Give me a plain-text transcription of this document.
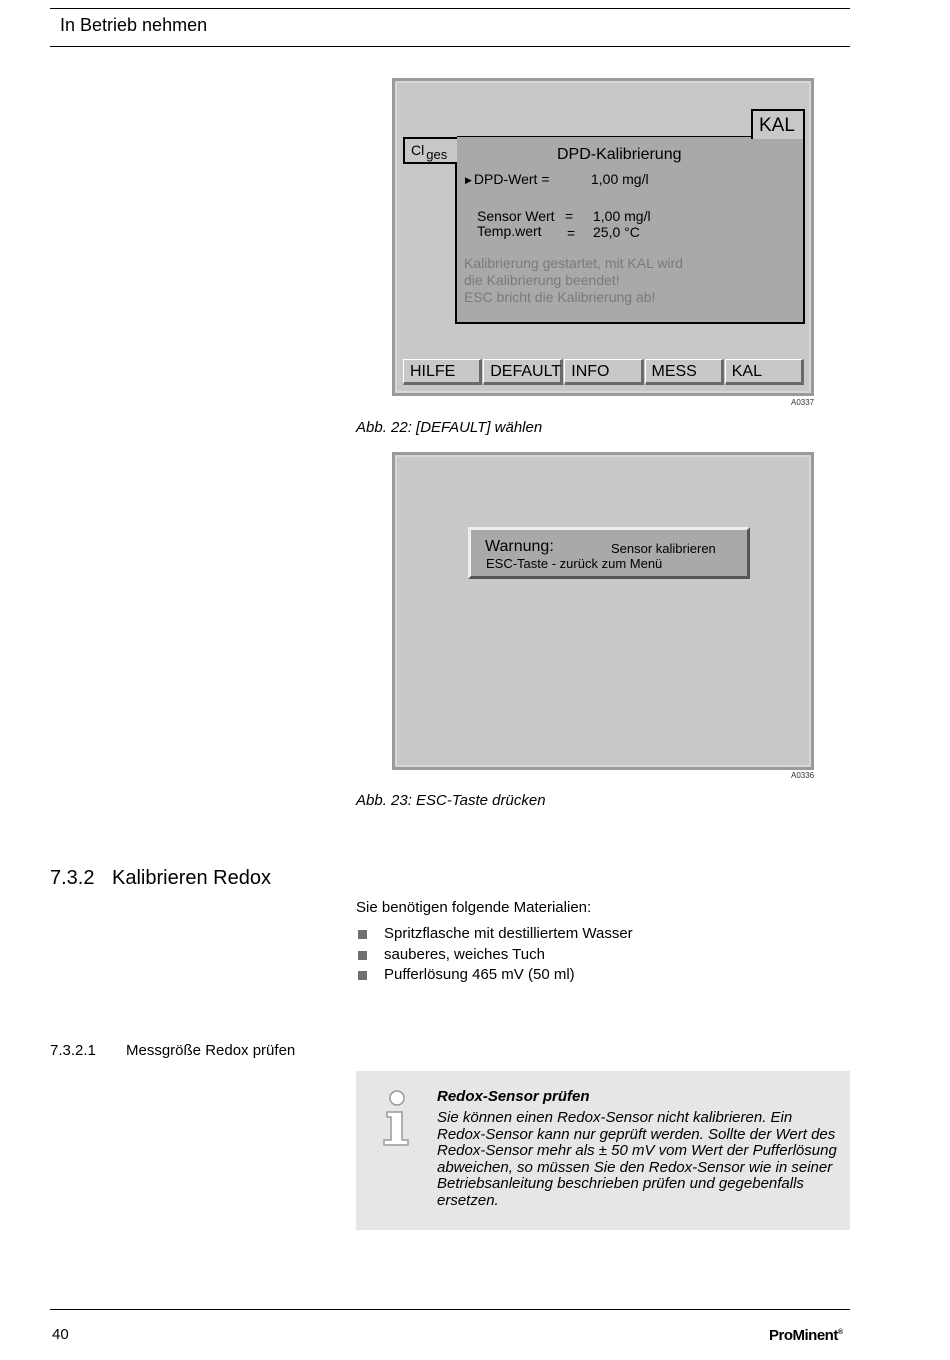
In Betrieb nehmen
DPD-Kalibrierung
▶ DPD-Wert =	1,00 mg/l
Sensor Wert = 1,00 mg/l
Temp.wert = 25,0 °C
Kalibrierung gestartet, mit KAL wird
die Kalibrierung beendet!
ESC bricht die Kalibrierung ab!
KAL
Cl ges
HILFE	DEFAULT INFO	MESS	KAL
A0337
Abb. 22: [DEFAULT] wählen
Warnung:	Sensor kalibrieren
ESC-Taste - zurück zum Menü
A0336
Abb. 23: ESC-Taste drücken
7.3.2 Kalibrieren Redox
Sie benötigen folgende Materialien:
Spritzflasche mit destilliertem Wasser
sauberes, weiches Tuch
Pufferlösung 465 mV (50 ml)
7.3.2.1 Messgröße Redox prüfen
Redox-Sensor prüfen
Sie können einen Redox-Sensor nicht kalibrieren. Ein Redox-Sensor kann nur geprüft werden. Sollte der Wert des Redox-Sensor mehr als ± 50 mV vom Wert der Pufferlösung abweichen, so müssen Sie den Redox-Sensor wie in seiner Betriebsanleitung beschrieben prüfen und gegebenfalls ersetzen.
40	ProMinent®
